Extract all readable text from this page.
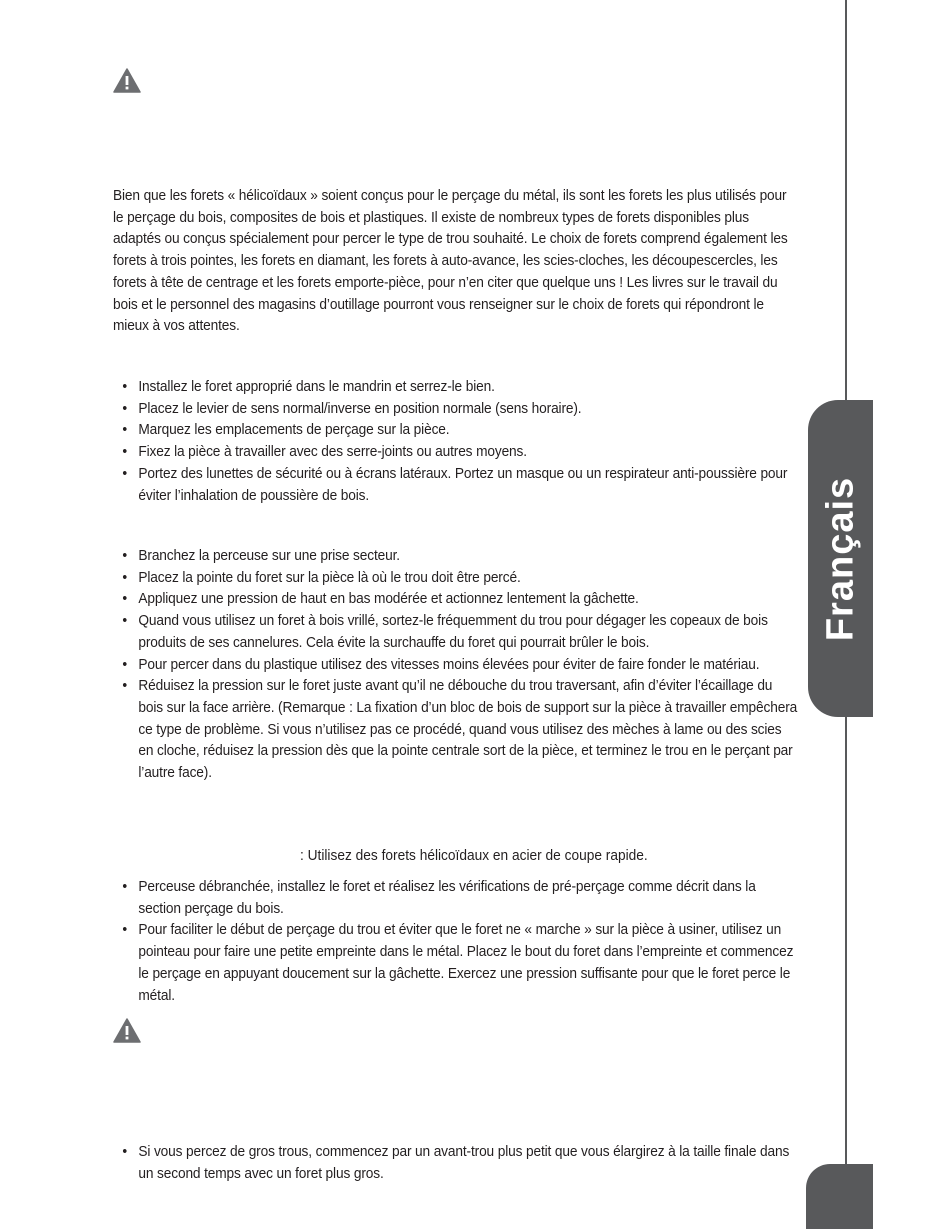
Français

Bien que les forets « hélicoïdaux » soient conçus pour le perçage du métal, ils sont les forets les plus utilisés pour le perçage du bois, composites de bois et plastiques. Il existe de nombreux types de forets disponibles plus adaptés ou conçus spécialement pour percer le type de trou souhaité. Le choix de forets comprend également les forets à trois pointes, les forets en diamant, les forets à auto-avance, les scies-cloches, les découpescercles, les forets à tête de centrage et les forets emporte-pièce, pour n’en citer que quelque uns ! Les livres sur le travail du bois et le personnel des magasins d’outillage pourront vous renseigner sur le choix de forets qui répondront le mieux à vos attentes.

• Installez le foret approprié dans le mandrin et serrez-le bien.
• Placez le levier de sens normal/inverse en position normale (sens horaire).
• Marquez les emplacements de perçage sur la pièce.
• Fixez la pièce à travailler avec des serre-joints ou autres moyens.
• Portez des lunettes de sécurité ou à écrans latéraux. Portez un masque ou un respirateur anti-poussière pour éviter l’inhalation de poussière de bois.
• Branchez la perceuse sur une prise secteur.
• Placez la pointe du foret sur la pièce là où le trou doit être percé.
• Appliquez une pression de haut en bas modérée et actionnez lentement la gâchette.
• Quand vous utilisez un foret à bois vrillé, sortez-le fréquemment du trou pour dégager les copeaux de bois produits de ses cannelures. Cela évite la surchauffe du foret qui pourrait brûler le bois.
• Pour percer dans du plastique utilisez des vitesses moins élevées pour éviter de faire fonder le matériau.
• Réduisez la pression sur le foret juste avant qu’il ne débouche du trou traversant, afin d’éviter l’écaillage du bois sur la face arrière. (Remarque : La fixation d’un bloc de bois de support sur la pièce à travailler empêchera ce type de problème. Si vous n’utilisez pas ce procédé, quand vous utilisez des mèches à lame ou des scies en cloche, réduisez la pression dès que la pointe centrale sort de la pièce, et terminez le trou en le perçant par l’autre face).
: Utilisez des forets hélicoïdaux en acier de coupe rapide.
• Perceuse débranchée, installez le foret et réalisez les vérifications de pré-perçage comme décrit dans la section perçage du bois.
• Pour faciliter le début de perçage du trou et éviter que le foret ne « marche » sur la pièce à usiner, utilisez un pointeau pour faire une petite empreinte dans le métal. Placez le bout du foret dans l’empreinte et commencez le perçage en appuyant doucement sur la gâchette. Exercez une pression suffisante pour que le foret perce le métal.
• Si vous percez de gros trous, commencez par un avant-trou plus petit que vous élargirez à la taille finale dans un second temps avec un foret plus gros.
